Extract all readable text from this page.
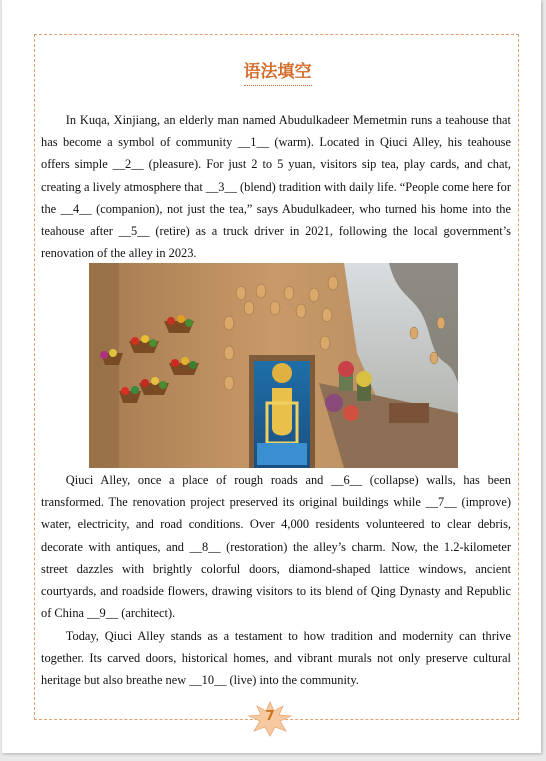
语法填空

In Kuqa, Xinjiang, an elderly man named Abudulkadeer Memetmin runs a teahouse that has become a symbol of community __1__ (warm). Located in Qiuci Alley, his teahouse offers simple __2__ (pleasure). For just 2 to 5 yuan, visitors sip tea, play cards, and chat, creating a lively atmosphere that __3__ (blend) tradition with daily life. “People come here for the __4__ (companion), not just the tea,” says Abudulkadeer, who turned his home into the teahouse after __5__ (retire) as a truck driver in 2021, following the local government’s renovation of the alley in 2023.

Qiuci Alley, once a place of rough roads and __6__ (collapse) walls, has been transformed. The renovation project preserved its original buildings while __7__ (improve) water, electricity, and road conditions. Over 4,000 residents volunteered to clear debris, decorate with antiques, and __8__ (restoration) the alley’s charm. Now, the 1.2-kilometer street dazzles with brightly colorful doors, diamond-shaped lattice windows, ancient courtyards, and roadside flowers, drawing visitors to its blend of Qing Dynasty and Republic of China __9__ (architect).

Today, Qiuci Alley stands as a testament to how tradition and modernity can thrive together. Its carved doors, historical homes, and vibrant murals not only preserve cultural heritage but also breathe new __10__ (live) into the community.

7
